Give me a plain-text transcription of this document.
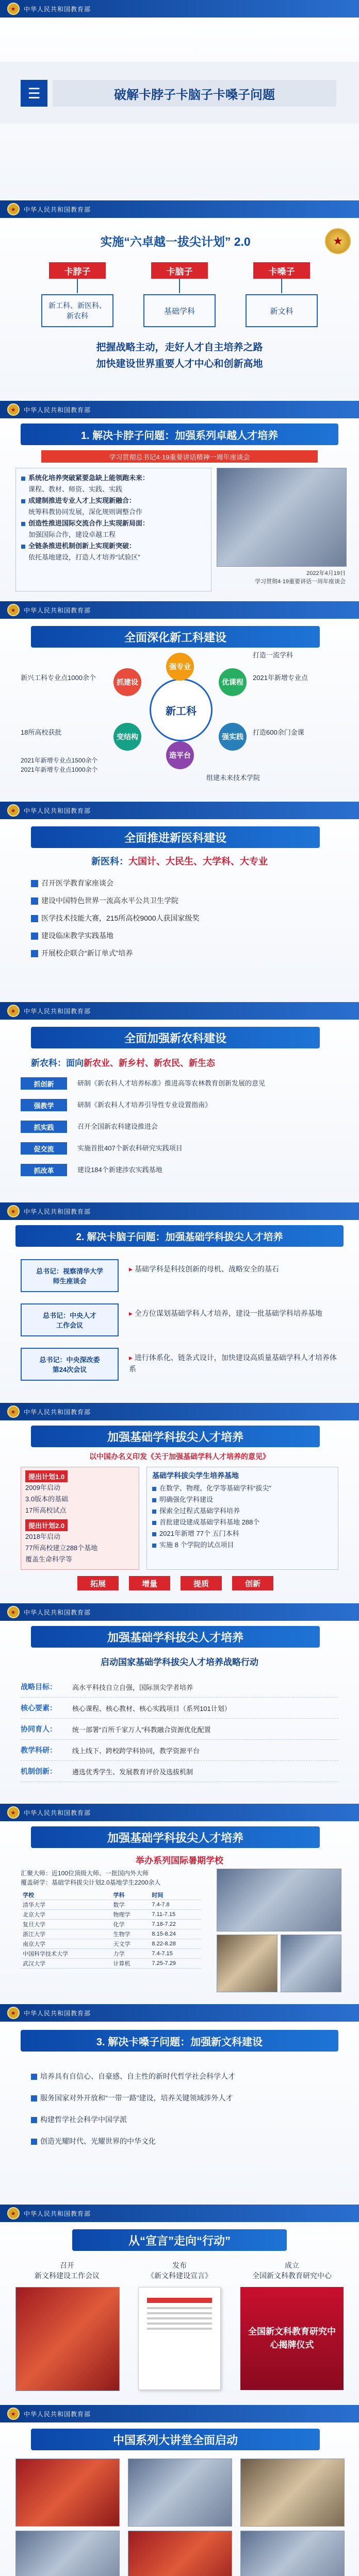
★	中华人民共和国教育部
☰	破解卡脖子卡脑子卡嗓子问题
★	中华人民共和国教育部
★
实施“六卓越一拔尖计划” 2.0
卡脖子	卡脑子	卡嗓子
新工科、新医科、
新农科
基础学科	新文科
把握战略主动，走好人才自主培养之路
加快建设世界重要人才中心和创新高地
★	中华人民共和国教育部
1. 解决卡脖子问题：加强系列卓越人才培养
学习贯彻总书记4·19重要讲话精神一周年座谈会
系统化培养突破紧要急缺上能领跑未来：
课程、教材、师资、实践、实践
成建制推进专业人才上实现新融合：
统筹科教协同发展，深化规则调整合作
创造性推进国际交流合作上实现新局面：
加强国际合作，建设卓越工程
全链条推进机制创新上实现新突破：
依托基地建设，打造人才培养“试验区”
2022年4月19日
学习贯彻4·19重要讲话一周年座谈会
★	中华人民共和国教育部
全面深化新工科建设
新工科
抓建设
强专业
优课程
强实践
造平台
变结构
新兴工科专业点1000余个
打造一流学科
2021年新增专业点
打造600余门金课
组建未来技术学院
18所高校获批
2021年新增专业点1500余个
2021年新增专业点1000余个
★	中华人民共和国教育部
全面推进新医科建设
新医科：大国计、大民生、大学科、大专业
召开医学教育家座谈会
建设中国特色世界一流高水平公共卫生学院
医学技术技能大赛，215所高校9000人获国家级奖
建设临床教学实践基地
开展校企联合“新订单式”培养
★	中华人民共和国教育部
全面加强新农科建设
新农科：面向新农业、新乡村、新农民、新生态
抓创新	研制《新农科人才培养标准》推进高等农林教育创新发展的意见
强教学	研制《新农科人才培养引导性专业设置指南》
抓实践	召开全国新农科建设推进会
促交流	实施首批407个新农科研究实践项目
抓改革	建设184个新建涉农实践基地
★	中华人民共和国教育部
2. 解决卡脑子问题：加强基础学科拔尖人才培养
总书记：视察清华大学
师生座谈会
总书记：中央人才
工作会议
总书记：中央深改委
第24次会议
▸ 基础学科是科技创新的母机、战略安全的基石
▸ 全方位谋划基础学科人才培养，建设一批基础学科培养基地
▸ 进行体系化、链条式设计，加快建设高质量基础学科人才培养体系
★	中华人民共和国教育部
加强基础学科拔尖人才培养
以中国办名义印发《关于加强基础学科人才培养的意见》
提出计划1.0
2009年启动
3.0版本的基础
17所高校试点
提出计划2.0
2018年启动
77所高校建立288个基地
覆盖生命科学等
基础学科拔尖学生培养基地
在数学、物理、化学等基础学科“拔尖”
明确强化学科建设
探索全过程式基础学科培养
首批建设建成基础学科基地 288个
2021年新增 77个 五门本科
实施 8 个学院的试点项目
拓展	增量	提质	创新
★	中华人民共和国教育部
加强基础学科拔尖人才培养
启动国家基础学科拔尖人才培养战略行动
战略目标：	高水平科技自立自强，国际顶尖学者培养
核心要素：	核心课程、核心教材、核心实践项目（系列101计划）
协同育人：	统一部署“百所千家万人”科教融合资源优化配置
教学科研：	线上线下、跨校跨学科协同，教学资源平台
机制创新：	遴选优秀学生、发展教育评价及选拔机制
★	中华人民共和国教育部
加强基础学科拔尖人才培养
举办系列国际暑期学校
汇聚大师：近100位顶级大师、一批国内外大师
覆盖研学：基础学科拔尖计划2.0基地学生2200余人
学校	学科	时间
清华大学	数学	7.4-7.8
北京大学	物理学	7.11-7.15
复旦大学	化学	7.18-7.22
浙江大学	生物学	8.15-8.24
南京大学	天文学	8.22-8.28
中国科学技术大学	力学	7.4-7.15
武汉大学	计算机	7.25-7.29
★	中华人民共和国教育部
3. 解决卡嗓子问题：加强新文科建设
培养具有自信心、自豪感、自主性的新时代哲学社会科学人才
服务国家对外开放和“一带一路”建设，培养关键领域涉外人才
构建哲学社会科学中国学派
创造光耀时代、光耀世界的中华文化
★	中华人民共和国教育部
从“宣言”走向“行动”
召开
新文科建设工作会议
发布
《新文科建设宣言》
成立
全国新文科教育研究中心
全国新文科教育研究中心揭牌仪式
★	中华人民共和国教育部
中国系列大讲堂全面启动
